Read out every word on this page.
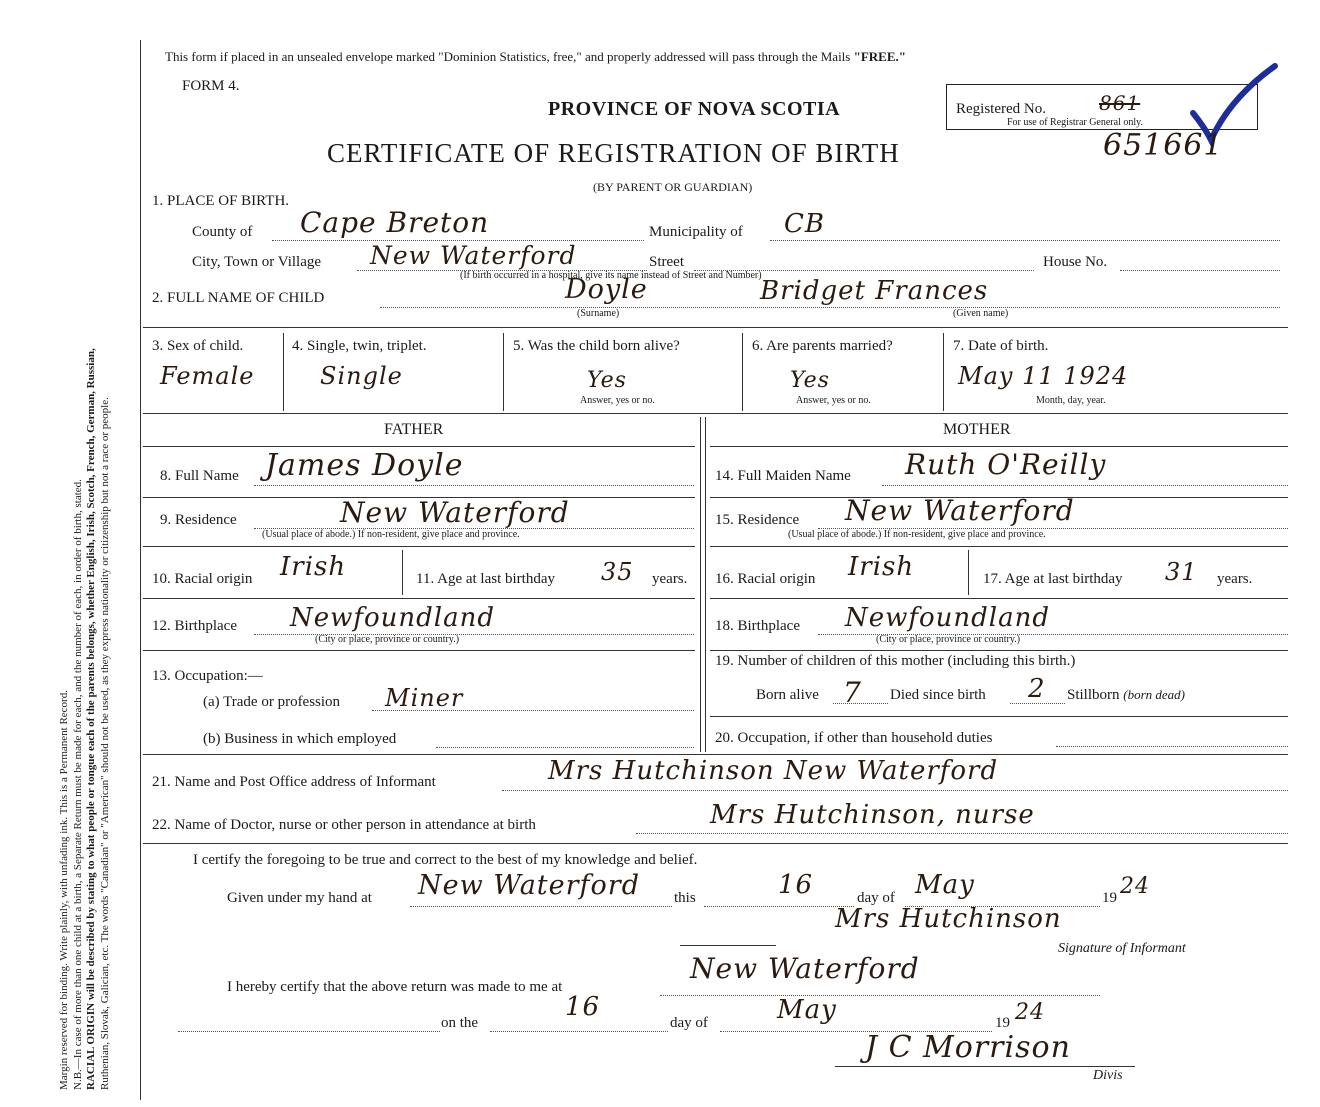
Margin reserved for binding. Write plainly, with unfading ink. This is a Permanent Record. N.B.—In case of more than one child at a birth, a Separate Return must be made for each, and the number of each, in order of birth, stated. RACIAL ORIGIN will be described by stating to what people or tongue each of the parents belongs, whether English, Irish, Scotch, French, German, Russian, Ruthenian, Slovak, Galician, etc. The words "Canadian" or "American" should not be used, as they express nationality or citizenship but not a race or people.
This form if placed in an unsealed envelope marked "Dominion Statistics, free," and properly addressed will pass through the Mails "FREE."
FORM 4.
PROVINCE OF NOVA SCOTIA
CERTIFICATE OF REGISTRATION OF BIRTH
(BY PARENT OR GUARDIAN)
Registered No.	861
For use of Registrar General only.
651661
1. PLACE OF BIRTH.
County of Cape Breton	Municipality of CB
City, Town or Village New Waterford	Street	House No.
(If birth occurred in a hospital, give its name instead of Street and Number)
2. FULL NAME OF CHILD	Doyle	Bridget Frances
(Surname)	(Given name)
3. Sex of child.
Female
4. Single, twin, triplet.
Single
5. Was the child born alive?
Yes
Answer, yes or no.
6. Are parents married?
Yes
Answer, yes or no.
7. Date of birth.
May 11 1924
Month, day, year.
FATHER	MOTHER
8. Full Name James Doyle
9. Residence	New Waterford
(Usual place of abode.) If non-resident, give place and province.
10. Racial origin Irish	11. Age at last birthday 35 years.
12. Birthplace Newfoundland
(City or place, province or country.)
13. Occupation:—
(a) Trade or profession Miner
(b) Business in which employed
14. Full Maiden Name Ruth O'Reilly
15. Residence New Waterford
(Usual place of abode.) If non-resident, give place and province.
16. Racial origin Irish	17. Age at last birthday 31 years.
18. Birthplace Newfoundland
(City or place, province or country.)
19. Number of children of this mother (including this birth.)
Born alive 7 Died since birth 2 Stillborn (born dead)
20. Occupation, if other than household duties
21. Name and Post Office address of Informant	Mrs Hutchinson New Waterford
22. Name of Doctor, nurse or other person in attendance at birth	Mrs Hutchinson, nurse
I certify the foregoing to be true and correct to the best of my knowledge and belief.
Given under my hand at New Waterford this	16	day of May	19 24
Mrs Hutchinson
Signature of Informant
I hereby certify that the above return was made to me at
New Waterford
on the
16
day of	May	19 24
J C Morrison
Divis
